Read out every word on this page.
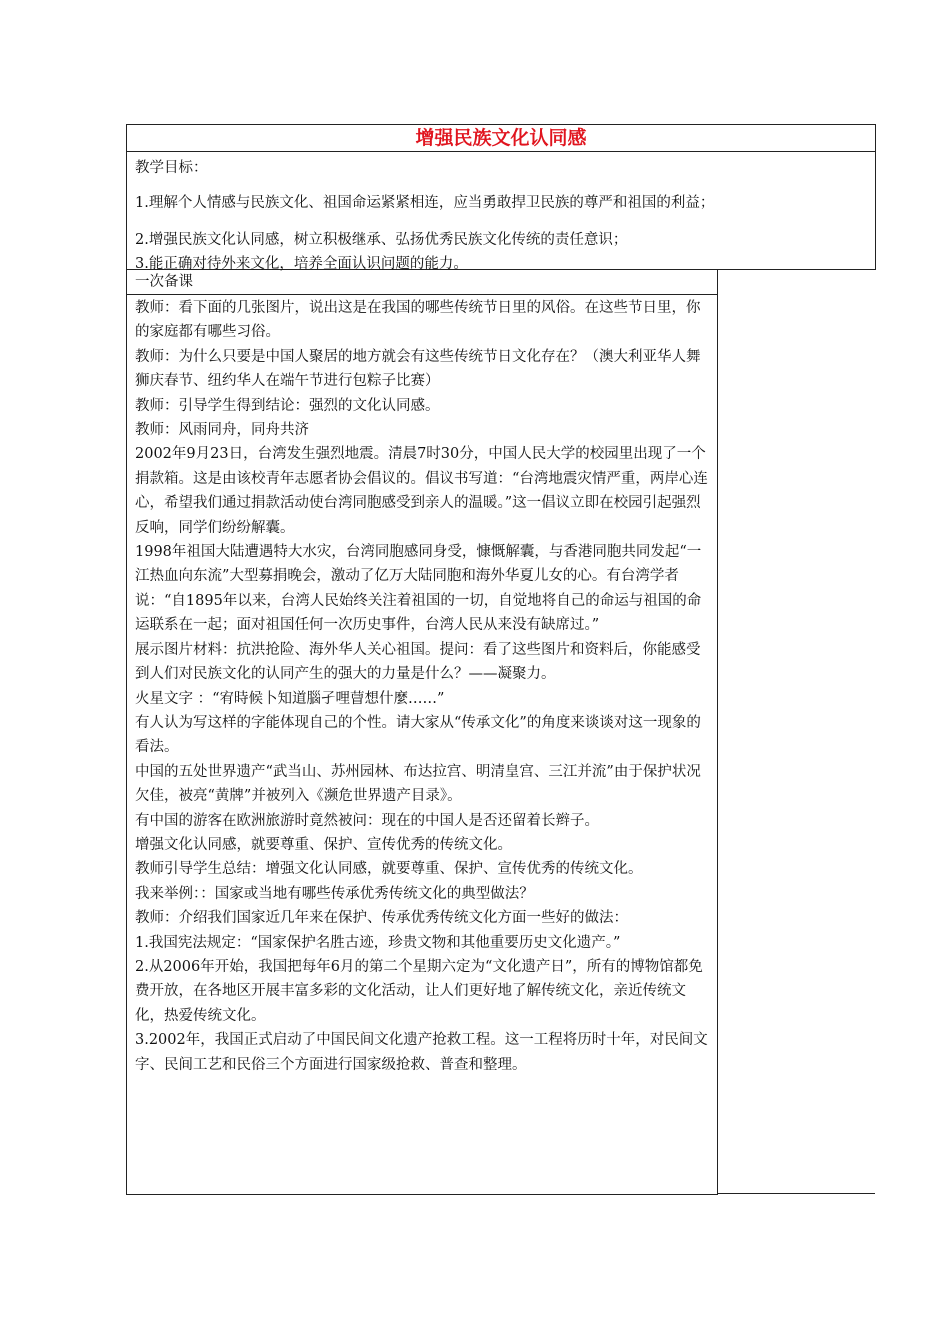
增强民族文化认同感
教学目标：
1.理解个人情感与民族文化、祖国命运紧紧相连，应当勇敢捍卫民族的尊严和祖国的利益；
2.增强民族文化认同感，树立积极继承、弘扬优秀民族文化传统的责任意识；
3.能正确对待外来文化，培养全面认识问题的能力。
一次备课

教师：看下面的几张图片，说出这是在我国的哪些传统节日里的风俗。在这些节日里，你的家庭都有哪些习俗。

教师：为什么只要是中国人聚居的地方就会有这些传统节日文化存在？（澳大利亚华人舞狮庆春节、纽约华人在端午节进行包粽子比赛）

教师：引导学生得到结论：强烈的文化认同感。

教师：风雨同舟，同舟共济

2002年9月23日，台湾发生强烈地震。清晨7时30分，中国人民大学的校园里出现了一个捐款箱。这是由该校青年志愿者协会倡议的。倡议书写道：“台湾地震灾情严重，两岸心连心，希望我们通过捐款活动使台湾同胞感受到亲人的温暖。”这一倡议立即在校园引起强烈反响，同学们纷纷解囊。

1998年祖国大陆遭遇特大水灾，台湾同胞感同身受，慷慨解囊，与香港同胞共同发起“一江热血向东流”大型募捐晚会，激动了亿万大陆同胞和海外华夏儿女的心。有台湾学者说：“自1895年以来，台湾人民始终关注着祖国的一切，自觉地将自己的命运与祖国的命运联系在一起；面对祖国任何一次历史事件，台湾人民从来没有缺席过。”

展示图片材料：抗洪抢险、海外华人关心祖国。提问：看了这些图片和资料后，你能感受到人们对民族文化的认同产生的强大的力量是什么？——凝聚力。

火星文字 ：“宥時候卜知道腦孑哩萺想什麼……”

有人认为写这样的字能体现自己的个性。请大家从“传承文化”的角度来谈谈对这一现象的看法。

中国的五处世界遗产“武当山、苏州园林、布达拉宫、明清皇宫、三江并流”由于保护状况欠佳，被亮“黄牌”并被列入《濒危世界遗产目录》。

有中国的游客在欧洲旅游时竟然被问：现在的中国人是否还留着长辫子。

增强文化认同感，就要尊重、保护、宣传优秀的传统文化。

教师引导学生总结：增强文化认同感，就要尊重、保护、宣传优秀的传统文化。

我来举例：：国家或当地有哪些传承优秀传统文化的典型做法？

教师：介绍我们国家近几年来在保护、传承优秀传统文化方面一些好的做法：

1.我国宪法规定：“国家保护名胜古迹，珍贵文物和其他重要历史文化遗产。”

2.从2006年开始，我国把每年6月的第二个星期六定为“文化遗产日”，所有的博物馆都免费开放，在各地区开展丰富多彩的文化活动，让人们更好地了解传统文化，亲近传统文化，热爱传统文化。

3.2002年，我国正式启动了中国民间文化遗产抢救工程。这一工程将历时十年，对民间文字、民间工艺和民俗三个方面进行国家级抢救、普查和整理。
